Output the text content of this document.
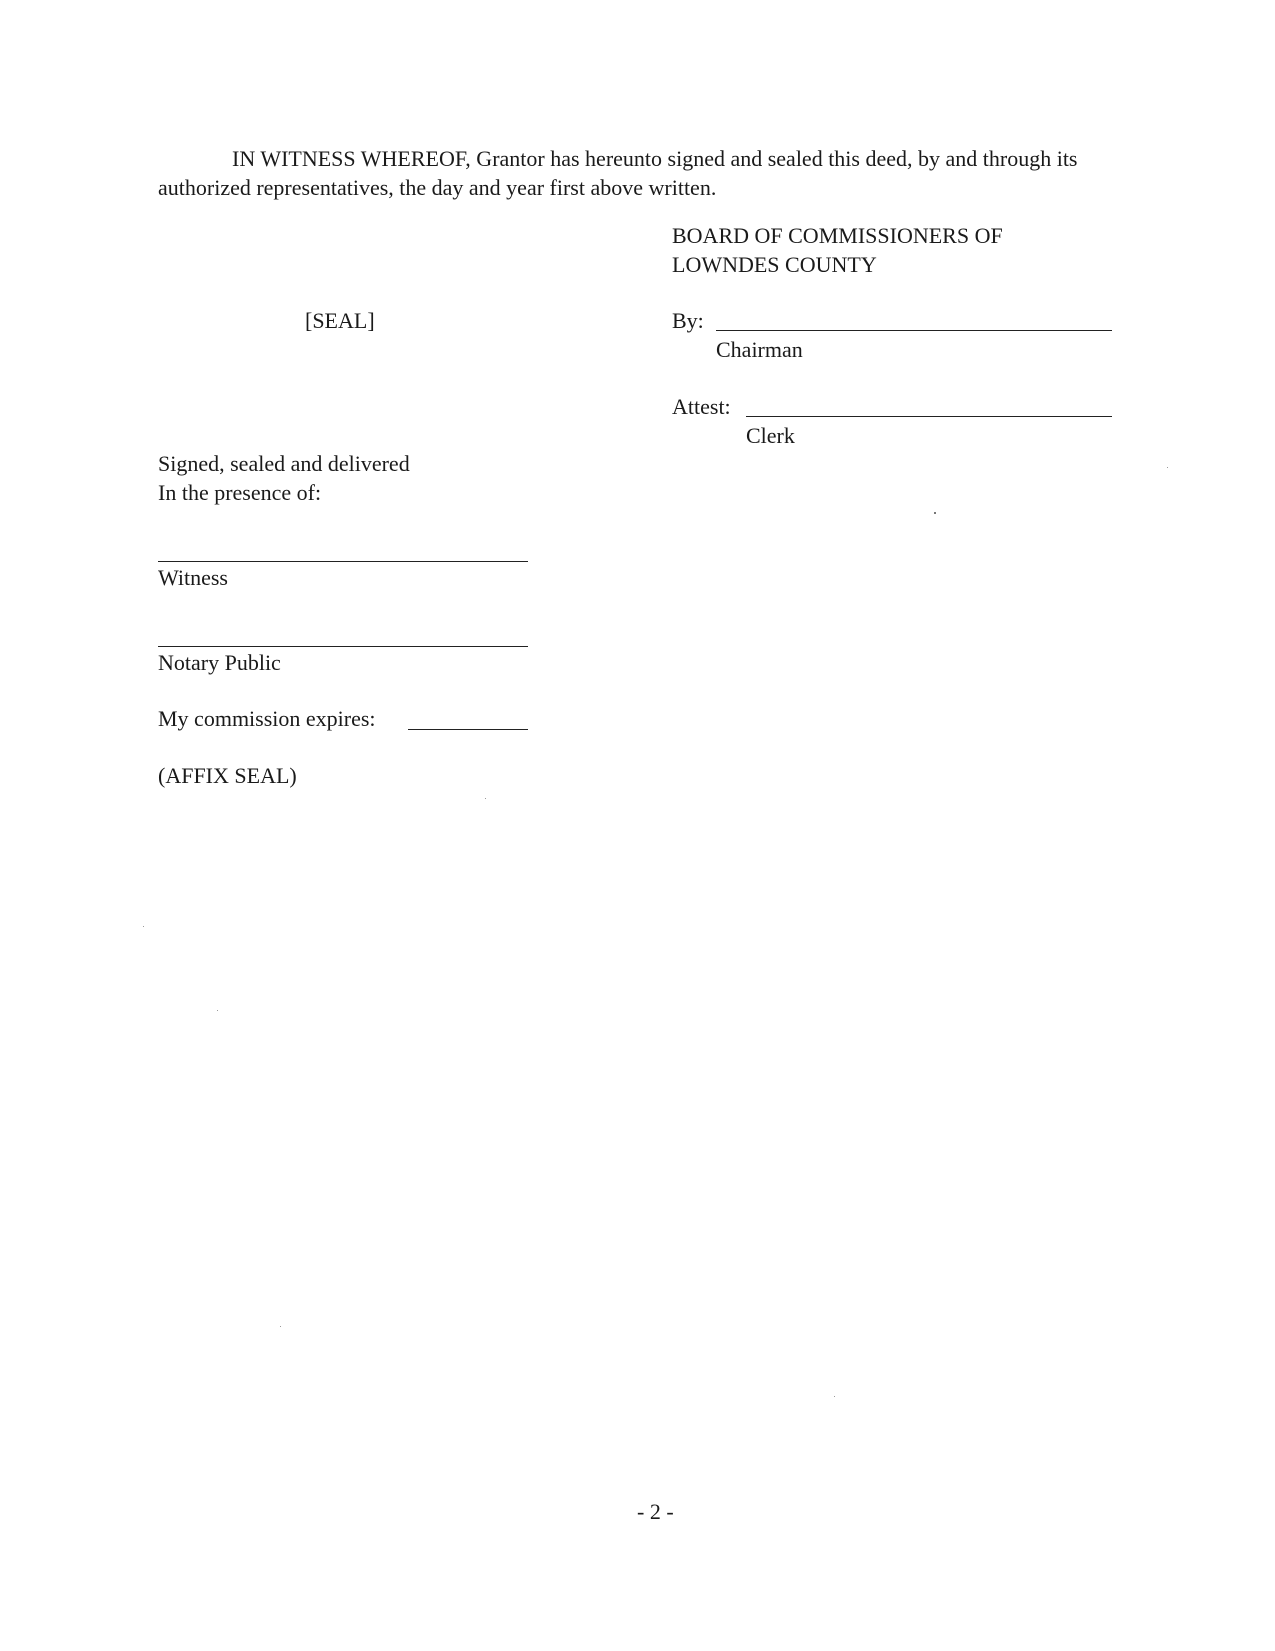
IN WITNESS WHEREOF, Grantor has hereunto signed and sealed this deed, by and through its
authorized representatives, the day and year first above written.
BOARD OF COMMISSIONERS OF
LOWNDES COUNTY
[SEAL]	By:
Chairman
Attest:
Clerk
Signed, sealed and delivered
In the presence of:
Witness
Notary Public
My commission expires:
(AFFIX SEAL)
- 2 -
